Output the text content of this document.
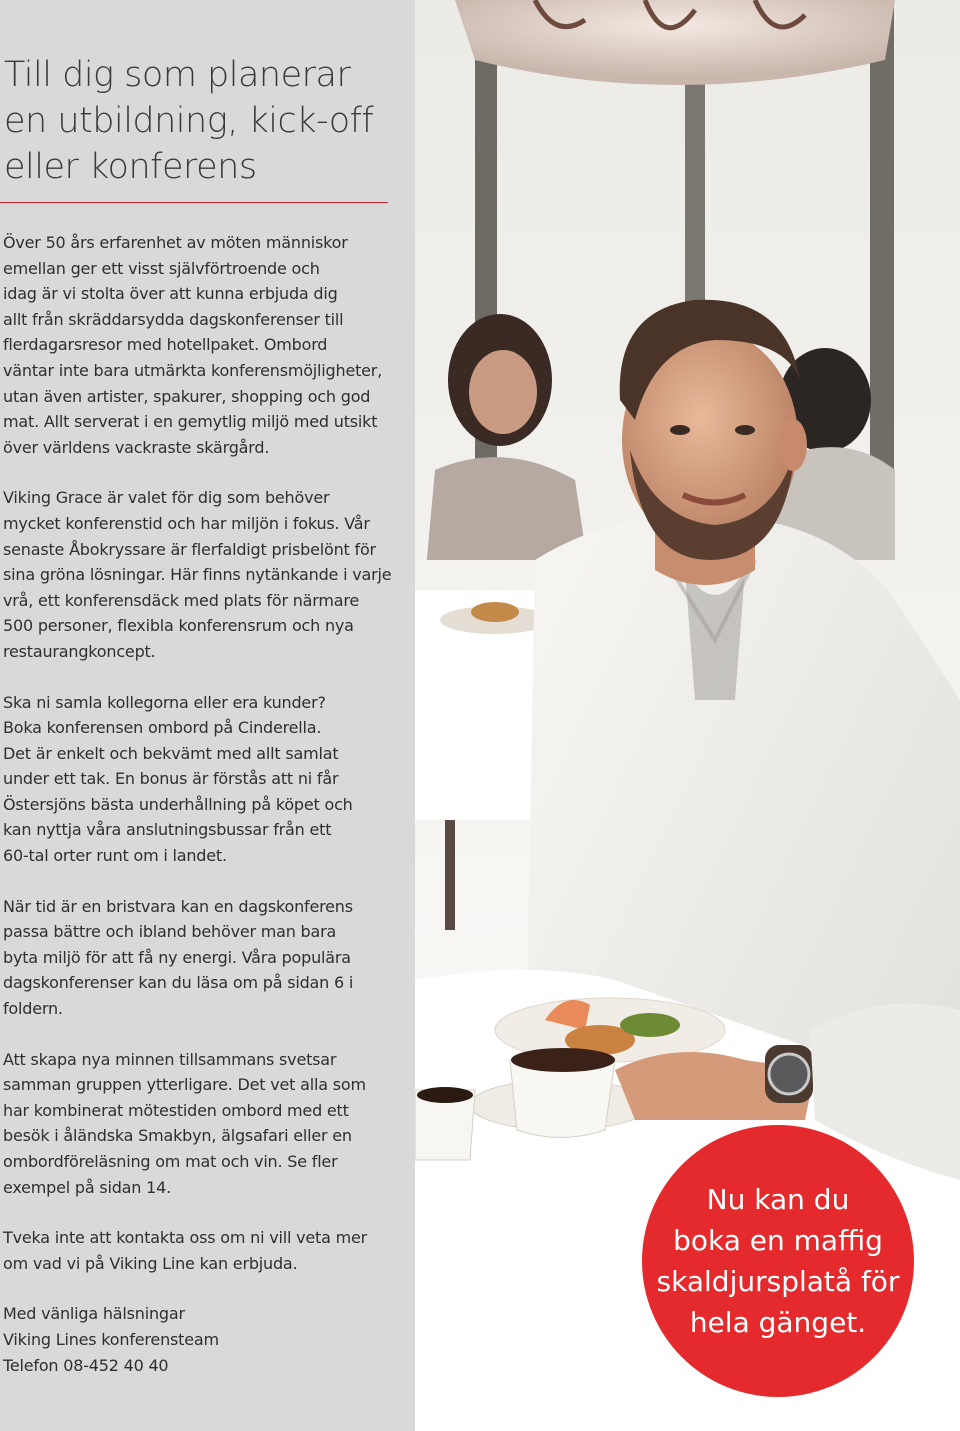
Till dig som planerar
en utbildning, kick-off
eller konferens
Över 50 års erfarenhet av möten människor
emellan ger ett visst självförtroende och
idag är vi stolta över att kunna erbjuda dig
allt från skräddarsydda dagskonferenser till
flerdagarsresor med hotellpaket. Ombord
väntar inte bara utmärkta konferensmöjligheter,
utan även artister, spakurer, shopping och god
mat. Allt serverat i en gemytlig miljö med utsikt
över världens vackraste skärgård.
Viking Grace är valet för dig som behöver
mycket konferenstid och har miljön i fokus. Vår
senaste Åbokryssare är flerfaldigt prisbelönt för
sina gröna lösningar. Här finns nytänkande i varje
vrå, ett konferensdäck med plats för närmare
500 personer, flexibla konferensrum och nya
restaurangkoncept.
Ska ni samla kollegorna eller era kunder?
Boka konferensen ombord på Cinderella.
Det är enkelt och bekvämt med allt samlat
under ett tak. En bonus är förstås att ni får
Östersjöns bästa underhållning på köpet och
kan nyttja våra anslutningsbussar från ett
60-tal orter runt om i landet.
När tid är en bristvara kan en dagskonferens
passa bättre och ibland behöver man bara
byta miljö för att få ny energi. Våra populära
dagskonferenser kan du läsa om på sidan 6 i
foldern.
Att skapa nya minnen tillsammans svetsar
samman gruppen ytterligare. Det vet alla som
har kombinerat mötestiden ombord med ett
besök i åländska Smakbyn, älgsafari eller en
ombordföreläsning om mat och vin. Se fler
exempel på sidan 14.
Tveka inte att kontakta oss om ni vill veta mer
om vad vi på Viking Line kan erbjuda.
Med vänliga hälsningar
Viking Lines konferensteam
Telefon 08-452 40 40
Nu kan du
boka en maffig
skaldjursplatå för
hela gänget.
